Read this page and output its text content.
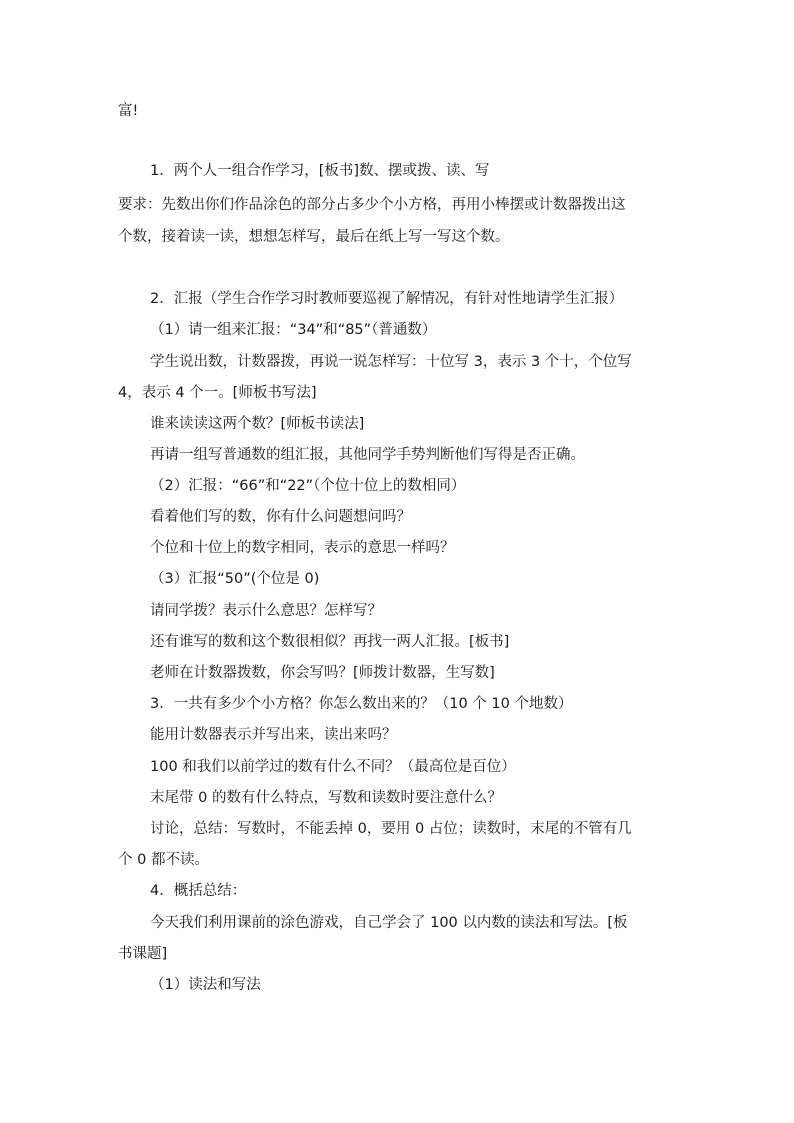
富!
1．两个人一组合作学习，[板书]数、摆或拨、读、写
要求：先数出你们作品涂色的部分占多少个小方格，再用小棒摆或计数器拨出这
个数，接着读一读，想想怎样写，最后在纸上写一写这个数。
2．汇报（学生合作学习时教师要巡视了解情况，有针对性地请学生汇报）
（1）请一组来汇报：“34”和“85”（普通数）
学生说出数，计数器拨，再说一说怎样写：十位写 3，表示 3 个十，个位写
4，表示 4 个一。[师板书写法]
谁来读读这两个数？[师板书读法]
再请一组写普通数的组汇报，其他同学手势判断他们写得是否正确。
（2）汇报：“66”和“22”（个位十位上的数相同）
看着他们写的数，你有什么问题想问吗？
个位和十位上的数字相同，表示的意思一样吗？
（3）汇报“50”(个位是 0)
请同学拨？表示什么意思？怎样写？
还有谁写的数和这个数很相似？再找一两人汇报。[板书]
老师在计数器拨数，你会写吗？[师拨计数器，生写数]
3．一共有多少个小方格？你怎么数出来的？（10 个 10 个地数）
能用计数器表示并写出来，读出来吗？
100 和我们以前学过的数有什么不同？（最高位是百位）
末尾带 0 的数有什么特点，写数和读数时要注意什么？
讨论，总结：写数时，不能丢掉 0，要用 0 占位；读数时，末尾的不管有几
个 0 都不读。
4．概括总结：
今天我们利用课前的涂色游戏，自己学会了 100 以内数的读法和写法。[板
书课题]
（1）读法和写法
